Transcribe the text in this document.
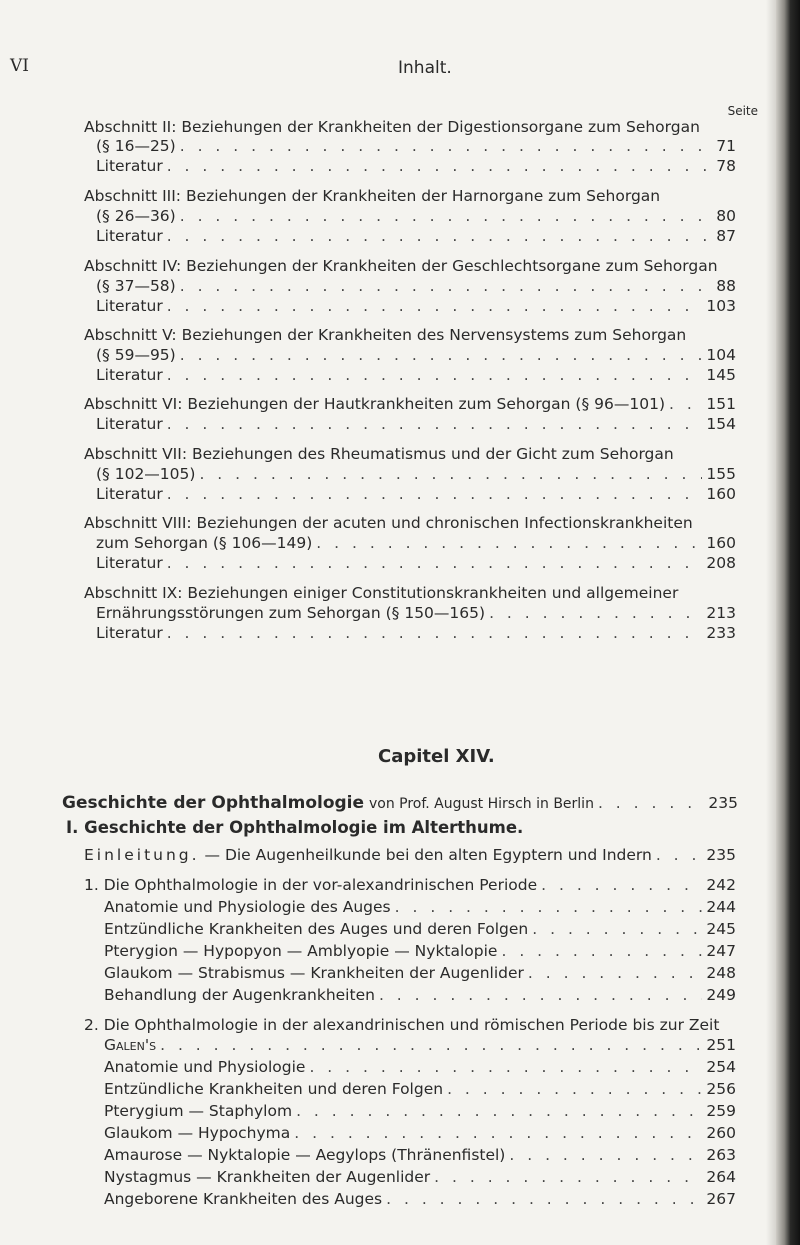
VI	Inhalt.
Seite
Abschnitt II: Beziehungen der Krankheiten der Digestionsorgane zum Sehorgan
(§ 16—25) . . .	71
Literatur . . .	78
Abschnitt III: Beziehungen der Krankheiten der Harnorgane zum Sehorgan
(§ 26—36) . . .	80
Literatur . . .	87
Abschnitt IV: Beziehungen der Krankheiten der Geschlechtsorgane zum Sehorgan
(§ 37—58) . . .	88
Literatur . . .	103
Abschnitt V: Beziehungen der Krankheiten des Nervensystems zum Sehorgan
(§ 59—95) . . .	104
Literatur . . .	145
Abschnitt VI: Beziehungen der Hautkrankheiten zum Sehorgan (§ 96—101) . . .	151
Literatur . . .	154
Abschnitt VII: Beziehungen des Rheumatismus und der Gicht zum Sehorgan
(§ 102—105) . . .	155
Literatur . . .	160
Abschnitt VIII: Beziehungen der acuten und chronischen Infectionskrankheiten
zum Sehorgan (§ 106—149) . . .	160
Literatur . . .	208
Abschnitt IX: Beziehungen einiger Constitutionskrankheiten und allgemeiner
Ernährungsstörungen zum Sehorgan (§ 150—165) . . .	213
Literatur . . .	233
Capitel XIV.
Geschichte der Ophthalmologie von Prof. August Hirsch in Berlin . . .	235
I. Geschichte der Ophthalmologie im Alterthume.
Einleitung. — Die Augenheilkunde bei den alten Egyptern und Indern . . .	235
1. Die Ophthalmologie in der vor-alexandrinischen Periode . . .	242
Anatomie und Physiologie des Auges . . .	244
Entzündliche Krankheiten des Auges und deren Folgen . . .	245
Pterygion — Hypopyon — Amblyopie — Nyktalopie . . .	247
Glaukom — Strabismus — Krankheiten der Augenlider . . .	248
Behandlung der Augenkrankheiten . . .	249
2. Die Ophthalmologie in der alexandrinischen und römischen Periode bis zur Zeit
Galen's . . .	251
Anatomie und Physiologie . . .	254
Entzündliche Krankheiten und deren Folgen . . .	256
Pterygium — Staphylom . . .	259
Glaukom — Hypochyma . . .	260
Amaurose — Nyktalopie — Aegylops (Thränenfistel) . . .	263
Nystagmus — Krankheiten der Augenlider . . .	264
Angeborene Krankheiten des Auges . . .	267
